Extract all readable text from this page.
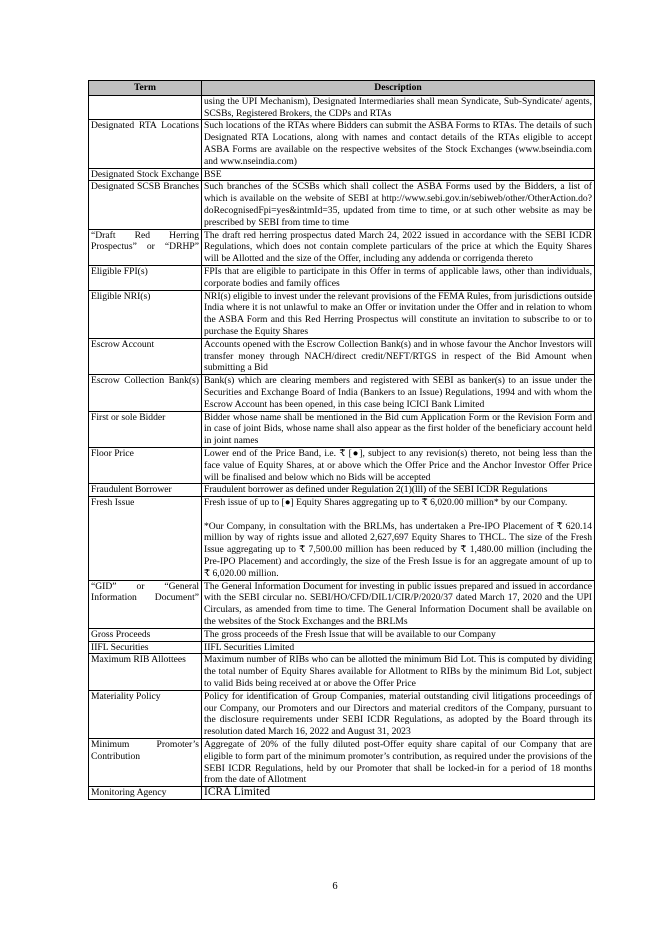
Term	Description
	using the UPI Mechanism), Designated Intermediaries shall mean Syndicate, Sub-Syndicate/ agents, SCSBs, Registered Brokers, the CDPs and RTAs
Designated RTA Locations	Such locations of the RTAs where Bidders can submit the ASBA Forms to RTAs. The details of such Designated RTA Locations, along with names and contact details of the RTAs eligible to accept ASBA Forms are available on the respective websites of the Stock Exchanges (www.bseindia.com and www.nseindia.com)
Designated Stock Exchange	BSE
Designated SCSB Branches	Such branches of the SCSBs which shall collect the ASBA Forms used by the Bidders, a list of which is available on the website of SEBI at http://www.sebi.gov.in/sebiweb/other/OtherAction.do?doRecognisedFpi=yes&intmId=35, updated from time to time, or at such other website as may be prescribed by SEBI from time to time
“Draft Red Herring Prospectus” or “DRHP”	The draft red herring prospectus dated March 24, 2022 issued in accordance with the SEBI ICDR Regulations, which does not contain complete particulars of the price at which the Equity Shares will be Allotted and the size of the Offer, including any addenda or corrigenda thereto
Eligible FPI(s)	FPIs that are eligible to participate in this Offer in terms of applicable laws, other than individuals, corporate bodies and family offices
Eligible NRI(s)	NRI(s) eligible to invest under the relevant provisions of the FEMA Rules, from jurisdictions outside India where it is not unlawful to make an Offer or invitation under the Offer and in relation to whom the ASBA Form and this Red Herring Prospectus will constitute an invitation to subscribe to or to purchase the Equity Shares
Escrow Account	Accounts opened with the Escrow Collection Bank(s) and in whose favour the Anchor Investors will transfer money through NACH/direct credit/NEFT/RTGS in respect of the Bid Amount when submitting a Bid
Escrow Collection Bank(s)	Bank(s) which are clearing members and registered with SEBI as banker(s) to an issue under the Securities and Exchange Board of India (Bankers to an Issue) Regulations, 1994 and with whom the Escrow Account has been opened, in this case being ICICI Bank Limited
First or sole Bidder	Bidder whose name shall be mentioned in the Bid cum Application Form or the Revision Form and in case of joint Bids, whose name shall also appear as the first holder of the beneficiary account held in joint names
Floor Price	Lower end of the Price Band, i.e. ₹ [●], subject to any revision(s) thereto, not being less than the face value of Equity Shares, at or above which the Offer Price and the Anchor Investor Offer Price will be finalised and below which no Bids will be accepted
Fraudulent Borrower	Fraudulent borrower as defined under Regulation 2(1)(lll) of the SEBI ICDR Regulations
Fresh Issue	Fresh issue of up to [●] Equity Shares aggregating up to ₹ 6,020.00 million* by our Company.
*Our Company, in consultation with the BRLMs, has undertaken a Pre-IPO Placement of ₹ 620.14 million by way of rights issue and alloted 2,627,697 Equity Shares to THCL. The size of the Fresh Issue aggregating up to ₹ 7,500.00 million has been reduced by ₹ 1,480.00 million (including the Pre-IPO Placement) and accordingly, the size of the Fresh Issue is for an aggregate amount of up to ₹ 6,020.00 million.

“GID” or “General Information Document”	The General Information Document for investing in public issues prepared and issued in accordance with the SEBI circular no. SEBI/HO/CFD/DIL1/CIR/P/2020/37 dated March 17, 2020 and the UPI Circulars, as amended from time to time. The General Information Document shall be available on the websites of the Stock Exchanges and the BRLMs
Gross Proceeds	The gross proceeds of the Fresh Issue that will be available to our Company
IIFL Securities	IIFL Securities Limited
Maximum RIB Allottees	Maximum number of RIBs who can be allotted the minimum Bid Lot. This is computed by dividing the total number of Equity Shares available for Allotment to RIBs by the minimum Bid Lot, subject to valid Bids being received at or above the Offer Price
Materiality Policy	Policy for identification of Group Companies, material outstanding civil litigations proceedings of our Company, our Promoters and our Directors and material creditors of the Company, pursuant to the disclosure requirements under SEBI ICDR Regulations, as adopted by the Board through its resolution dated March 16, 2022 and August 31, 2023
Minimum Promoter’s Contribution	Aggregate of 20% of the fully diluted post-Offer equity share capital of our Company that are eligible to form part of the minimum promoter’s contribution, as required under the provisions of the SEBI ICDR Regulations, held by our Promoter that shall be locked-in for a period of 18 months from the date of Allotment
Monitoring Agency	ICRA Limited
6
